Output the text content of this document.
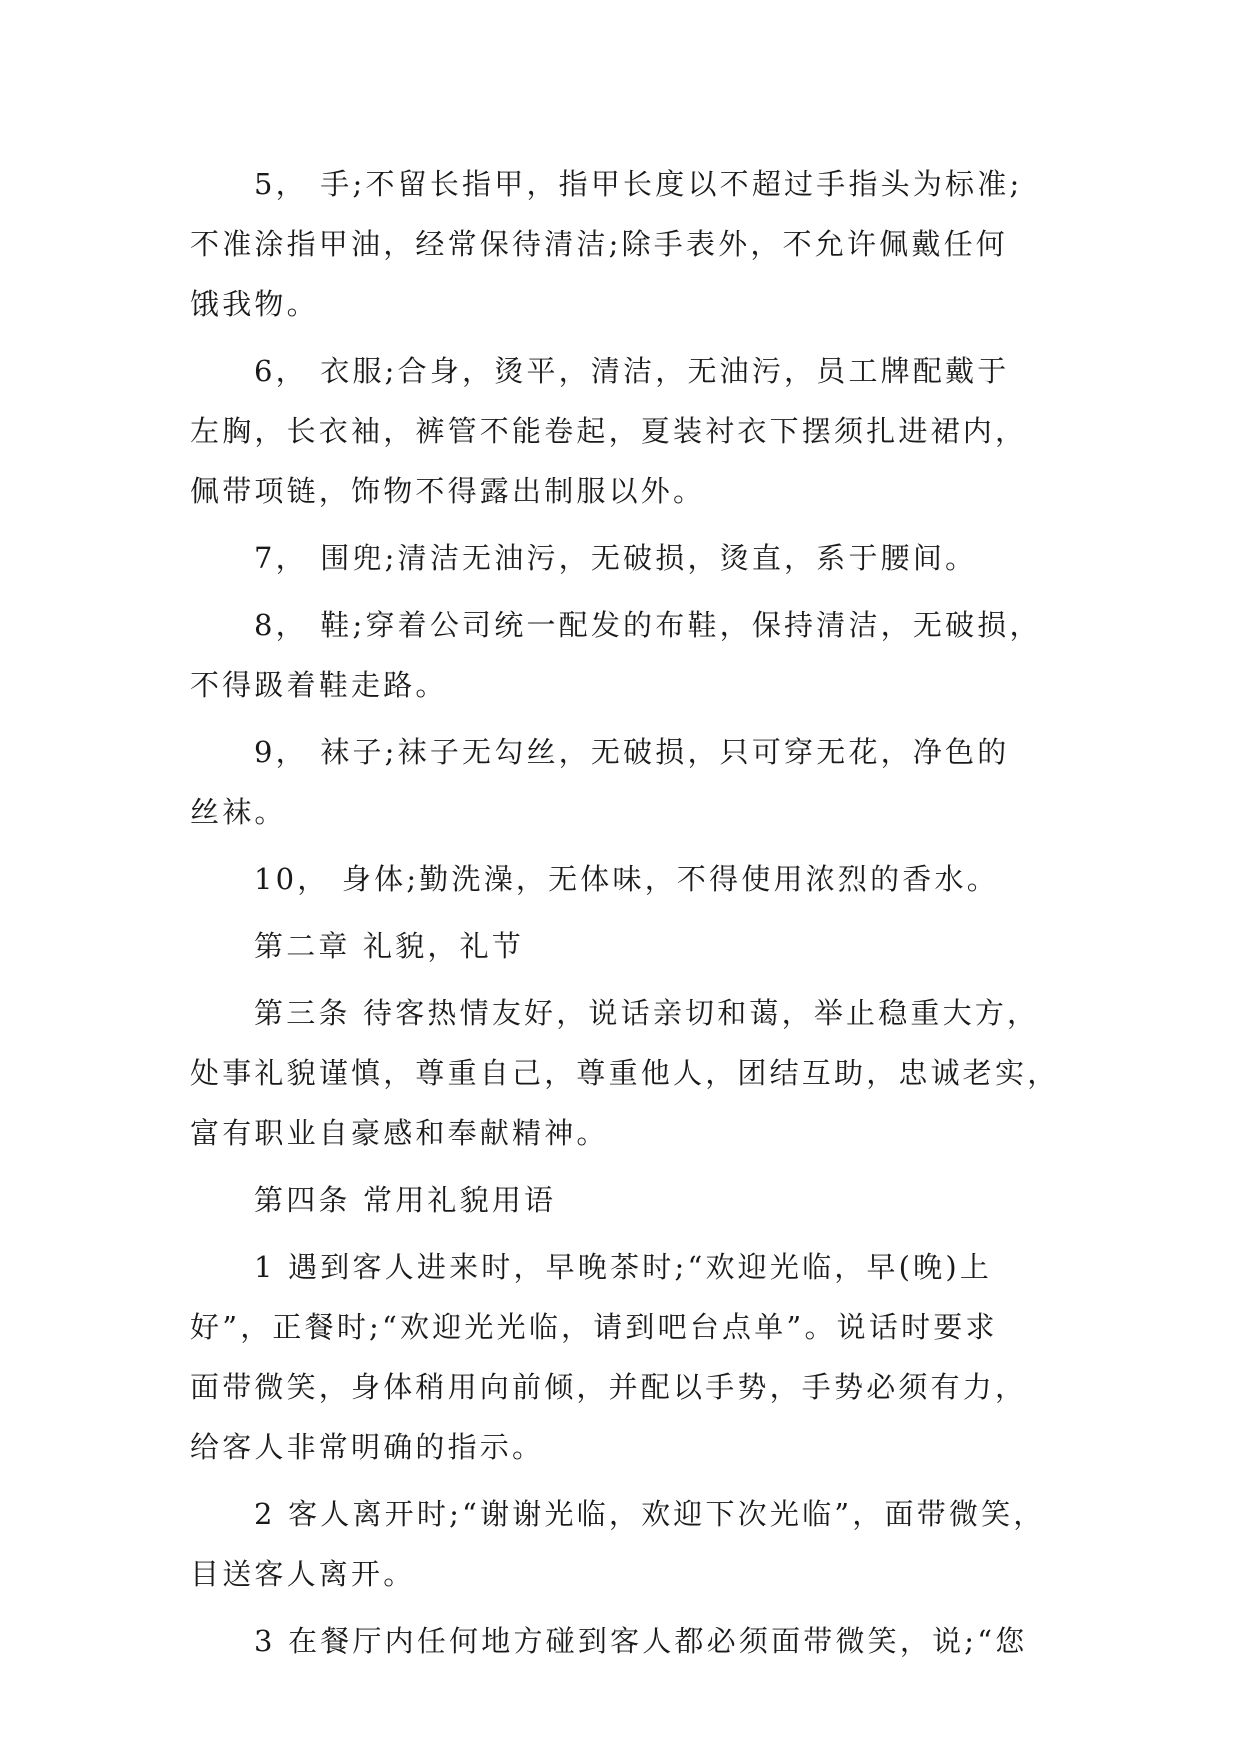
5， 手;不留长指甲，指甲长度以不超过手指头为标准;
不准涂指甲油，经常保待清洁;除手表外，不允许佩戴任何
饿我物。
6， 衣服;合身，烫平，清洁，无油污，员工牌配戴于
左胸，长衣袖，裤管不能卷起，夏装衬衣下摆须扎进裙内，
佩带项链，饰物不得露出制服以外。
7， 围兜;清洁无油污，无破损，烫直，系于腰间。
8， 鞋;穿着公司统一配发的布鞋，保持清洁，无破损，
不得趿着鞋走路。
9， 袜子;袜子无勾丝，无破损，只可穿无花，净色的
丝袜。
10， 身体;勤洗澡，无体味，不得使用浓烈的香水。
第二章 礼貌，礼节
第三条 待客热情友好，说话亲切和蔼，举止稳重大方，
处事礼貌谨慎，尊重自己，尊重他人，团结互助，忠诚老实，
富有职业自豪感和奉献精神。
第四条 常用礼貌用语
1 遇到客人进来时，早晚茶时;“欢迎光临，早(晚)上
好”，正餐时;“欢迎光光临，请到吧台点单”。说话时要求
面带微笑，身体稍用向前倾，并配以手势，手势必须有力，
给客人非常明确的指示。
2 客人离开时;“谢谢光临，欢迎下次光临”，面带微笑，
目送客人离开。
3 在餐厅内任何地方碰到客人都必须面带微笑，说;“您
